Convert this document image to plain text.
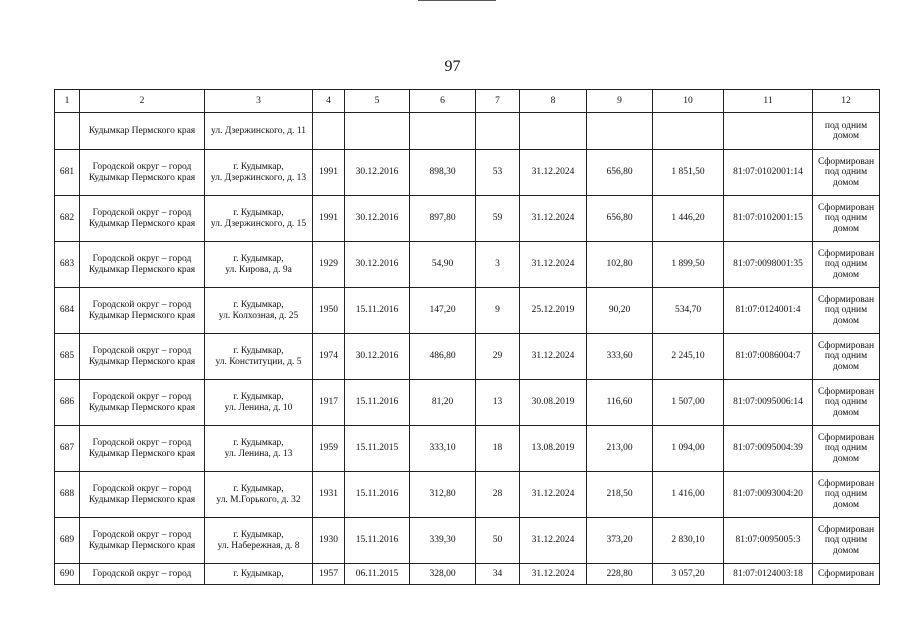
97
1	2	3	4	5	6	7	8	9	10	11	12

	Кудымкар Пермского края	ул. Дзержинского, д. 11									под одним
домом

681	Городской округ – город
Кудымкар Пермского края	г. Кудымкар,
ул. Дзержинского, д. 13	1991	30.12.2016	898,30	53	31.12.2024	656,80	1 851,50	81:07:0102001:14	Сформирован
под одним
домом

682	Городской округ – город
Кудымкар Пермского края	г. Кудымкар,
ул. Дзержинского, д. 15	1991	30.12.2016	897,80	59	31.12.2024	656,80	1 446,20	81:07:0102001:15	Сформирован
под одним
домом

683	Городской округ – город
Кудымкар Пермского края	г. Кудымкар,
ул. Кирова, д. 9а	1929	30.12.2016	54,90	3	31.12.2024	102,80	1 899,50	81:07:0098001:35	Сформирован
под одним
домом

684	Городской округ – город
Кудымкар Пермского края	г. Кудымкар,
ул. Колхозная, д. 25	1950	15.11.2016	147,20	9	25.12.2019	90,20	534,70	81:07:0124001:4	Сформирован
под одним
домом

685	Городской округ – город
Кудымкар Пермского края	г. Кудымкар,
ул. Конституции, д. 5	1974	30.12.2016	486,80	29	31.12.2024	333,60	2 245,10	81:07:0086004:7	Сформирован
под одним
домом

686	Городской округ – город
Кудымкар Пермского края	г. Кудымкар,
ул. Ленина, д. 10	1917	15.11.2016	81,20	13	30.08.2019	116,60	1 507,00	81:07:0095006:14	Сформирован
под одним
домом

687	Городской округ – город
Кудымкар Пермского края	г. Кудымкар,
ул. Ленина, д. 13	1959	15.11.2015	333,10	18	13.08.2019	213,00	1 094,00	81:07:0095004:39	Сформирован
под одним
домом

688	Городской округ – город
Кудымкар Пермского края	г. Кудымкар,
ул. М.Горького, д. 32	1931	15.11.2016	312,80	28	31.12.2024	218,50	1 416,00	81:07:0093004:20	Сформирован
под одним
домом

689	Городской округ – город
Кудымкар Пермского края	г. Кудымкар,
ул. Набережная, д. 8	1930	15.11.2016	339,30	50	31.12.2024	373,20	2 830,10	81:07:0095005:3	Сформирован
под одним
домом

690	Городской округ – город	г. Кудымкар,	1957	06.11.2015	328,00	34	31.12.2024	228,80	3 057,20	81:07:0124003:18	Сформирован
